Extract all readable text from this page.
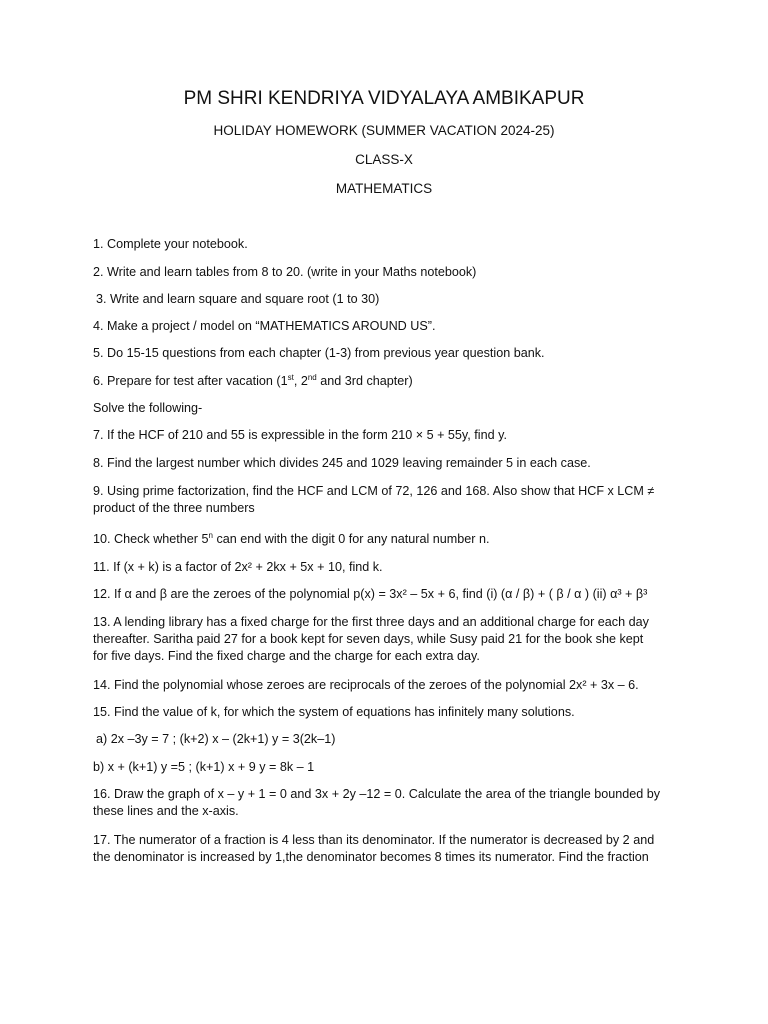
PM SHRI KENDRIYA VIDYALAYA AMBIKAPUR
HOLIDAY HOMEWORK (SUMMER VACATION 2024-25)
CLASS-X
MATHEMATICS
1. Complete your notebook.
2. Write and learn tables from 8 to 20. (write in your Maths notebook)
3. Write and learn square and square root (1 to 30)
4. Make a project / model on “MATHEMATICS AROUND US”.
5. Do 15-15 questions from each chapter (1-3) from previous year question bank.
6. Prepare for test after vacation (1st, 2nd and 3rd chapter)
Solve the following-
7. If the HCF of 210 and 55 is expressible in the form 210 × 5 + 55y, find y.
8. Find the largest number which divides 245 and 1029 leaving remainder 5 in each case.
9. Using prime factorization, find the HCF and LCM of 72, 126 and 168. Also show that HCF x LCM ≠
product of the three numbers
10. Check whether 5$^n$ can end with the digit 0 for any natural number n.
11. If (x + k) is a factor of 2x² + 2kx + 5x + 10, find k.
12. If α and β are the zeroes of the polynomial p(x) = 3x² – 5x + 6, find (i) (α / β) + ( β / α ) (ii) α³ + β³
13. A lending library has a fixed charge for the first three days and an additional charge for each day
thereafter. Saritha paid 27 for a book kept for seven days, while Susy paid 21 for the book she kept
for five days. Find the fixed charge and the charge for each extra day.
14. Find the polynomial whose zeroes are reciprocals of the zeroes of the polynomial 2x² + 3x – 6.
15. Find the value of k, for which the system of equations has infinitely many solutions.
a) 2x –3y = 7 ; (k+2) x – (2k+1) y = 3(2k–1)
b) x + (k+1) y =5 ; (k+1) x + 9 y = 8k – 1
16. Draw the graph of x – y + 1 = 0 and 3x + 2y –12 = 0. Calculate the area of the triangle bounded by
these lines and the x-axis.
17. The numerator of a fraction is 4 less than its denominator. If the numerator is decreased by 2 and
the denominator is increased by 1,the denominator becomes 8 times its numerator. Find the fraction
